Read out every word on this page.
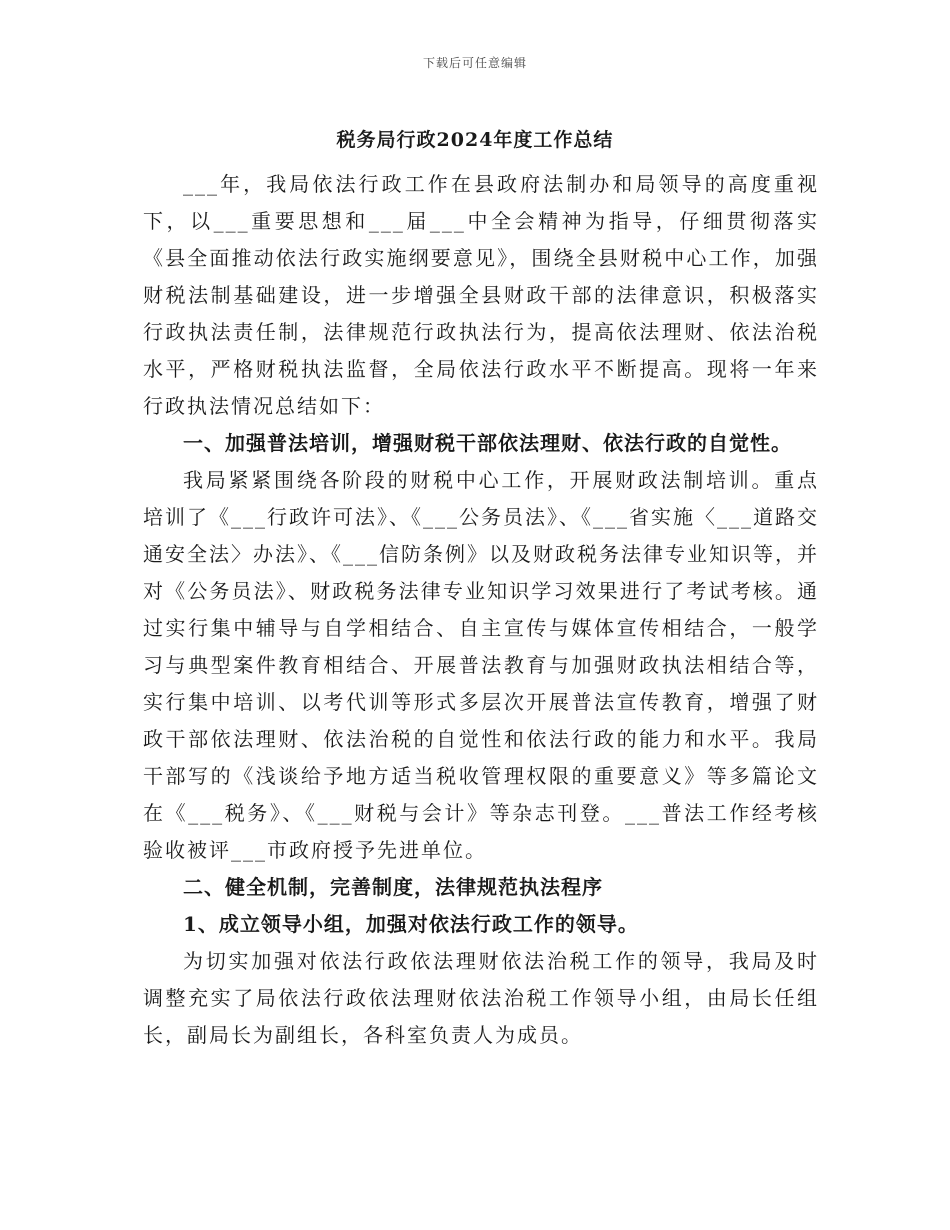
下载后可任意编辑
税务局行政2024年度工作总结

___年，我局依法行政工作在县政府法制办和局领导的高度重视下，以___重要思想和___届___中全会精神为指导，仔细贯彻落实《县全面推动依法行政实施纲要意见》，围绕全县财税中心工作，加强财税法制基础建设，进一步增强全县财政干部的法律意识，积极落实行政执法责任制，法律规范行政执法行为，提高依法理财、依法治税水平，严格财税执法监督，全局依法行政水平不断提高。现将一年来行政执法情况总结如下：

一、加强普法培训，增强财税干部依法理财、依法行政的自觉性。

我局紧紧围绕各阶段的财税中心工作，开展财政法制培训。重点培训了《___行政许可法》、《___公务员法》、《___省实施〈___道路交通安全法〉办法》、《___信防条例》以及财政税务法律专业知识等，并对《公务员法》、财政税务法律专业知识学习效果进行了考试考核。通过实行集中辅导与自学相结合、自主宣传与媒体宣传相结合，一般学习与典型案件教育相结合、开展普法教育与加强财政执法相结合等，实行集中培训、以考代训等形式多层次开展普法宣传教育，增强了财政干部依法理财、依法治税的自觉性和依法行政的能力和水平。我局干部写的《浅谈给予地方适当税收管理权限的重要意义》等多篇论文在《___税务》、《___财税与会计》等杂志刊登。___普法工作经考核验收被评___市政府授予先进单位。

二、健全机制，完善制度，法律规范执法程序

1、成立领导小组，加强对依法行政工作的领导。

为切实加强对依法行政依法理财依法治税工作的领导，我局及时调整充实了局依法行政依法理财依法治税工作领导小组，由局长任组长，副局长为副组长，各科室负责人为成员。
